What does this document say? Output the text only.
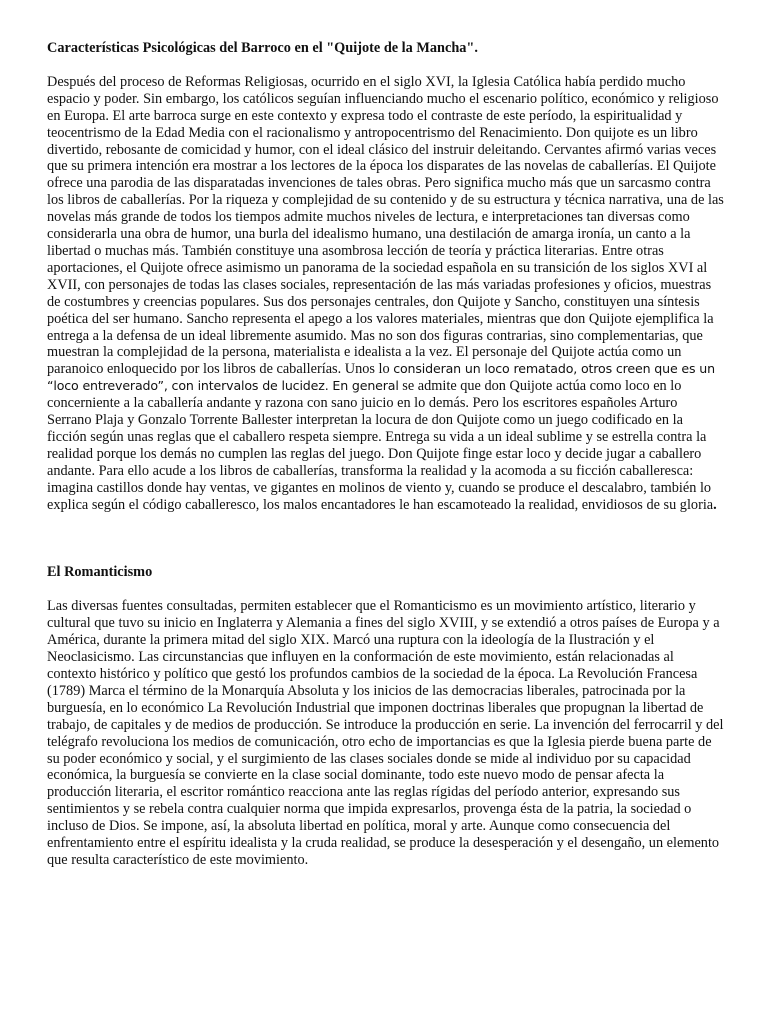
Características Psicológicas del Barroco en el "Quijote de la Mancha".

Después del proceso de Reformas Religiosas, ocurrido en el siglo XVI, la Iglesia Católica había perdido mucho espacio y poder. Sin embargo, los católicos seguían influenciando mucho el escenario político, económico y religioso en Europa. El arte barroca surge en este contexto y expresa todo el contraste de este período, la espiritualidad y teocentrismo de la Edad Media con el racionalismo y antropocentrismo del Renacimiento. Don quijote es un libro divertido, rebosante de comicidad y humor, con el ideal clásico del instruir deleitando. Cervantes afirmó varias veces que su primera intención era mostrar a los lectores de la época los disparates de las novelas de caballerías. El Quijote ofrece una parodia de las disparatadas invenciones de tales obras. Pero significa mucho más que un sarcasmo contra los libros de caballerías. Por la riqueza y complejidad de su contenido y de su estructura y técnica narrativa, una de las novelas más grande de todos los tiempos admite muchos niveles de lectura, e interpretaciones tan diversas como considerarla una obra de humor, una burla del idealismo humano, una destilación de amarga ironía, un canto a la libertad o muchas más. También constituye una asombrosa lección de teoría y práctica literarias. Entre otras aportaciones, el Quijote ofrece asimismo un panorama de la sociedad española en su transición de los siglos XVI al XVII, con personajes de todas las clases sociales, representación de las más variadas profesiones y oficios, muestras de costumbres y creencias populares. Sus dos personajes centrales, don Quijote y Sancho, constituyen una síntesis poética del ser humano. Sancho representa el apego a los valores materiales, mientras que don Quijote ejemplifica la entrega a la defensa de un ideal libremente asumido. Mas no son dos figuras contrarias, sino complementarias, que muestran la complejidad de la persona, materialista e idealista a la vez. El personaje del Quijote actúa como un paranoico enloquecido por los libros de caballerías. Unos lo consideran un loco rematado, otros creen que es un “loco entreverado”, con intervalos de lucidez. En general se admite que don Quijote actúa como loco en lo concerniente a la caballería andante y razona con sano juicio en lo demás. Pero los escritores españoles Arturo Serrano Plaja y Gonzalo Torrente Ballester interpretan la locura de don Quijote como un juego codificado en la ficción según unas reglas que el caballero respeta siempre. Entrega su vida a un ideal sublime y se estrella contra la realidad porque los demás no cumplen las reglas del juego. Don Quijote finge estar loco y decide jugar a caballero andante. Para ello acude a los libros de caballerías, transforma la realidad y la acomoda a su ficción caballeresca: imagina castillos donde hay ventas, ve gigantes en molinos de viento y, cuando se produce el descalabro, también lo explica según el código caballeresco, los malos encantadores le han escamoteado la realidad, envidiosos de su gloria.

El Romanticismo

Las diversas fuentes consultadas, permiten establecer que el Romanticismo es un movimiento artístico, literario y cultural que tuvo su inicio en Inglaterra y Alemania a fines del siglo XVIII, y se extendió a otros países de Europa y a América, durante la primera mitad del siglo XIX. Marcó una ruptura con la ideología de la Ilustración y el Neoclasicismo. Las circunstancias que influyen en la conformación de este movimiento, están relacionadas al contexto histórico y político que gestó los profundos cambios de la sociedad de la época. La Revolución Francesa (1789) Marca el término de la Monarquía Absoluta y los inicios de las democracias liberales, patrocinada por la burguesía, en lo económico La Revolución Industrial que imponen doctrinas liberales que propugnan la libertad de trabajo, de capitales y de medios de producción. Se introduce la producción en serie. La invención del ferrocarril y del telégrafo revoluciona los medios de comunicación, otro echo de importancias es que la Iglesia pierde buena parte de su poder económico y social, y el surgimiento de las clases sociales donde se mide al individuo por su capacidad económica, la burguesía se convierte en la clase social dominante, todo este nuevo modo de pensar afecta la producción literaria, el escritor romántico reacciona ante las reglas rígidas del período anterior, expresando sus sentimientos y se rebela contra cualquier norma que impida expresarlos, provenga ésta de la patria, la sociedad o incluso de Dios. Se impone, así, la absoluta libertad en política, moral y arte. Aunque como consecuencia del enfrentamiento entre el espíritu idealista y la cruda realidad, se produce la desesperación y el desengaño, un elemento que resulta característico de este movimiento.
